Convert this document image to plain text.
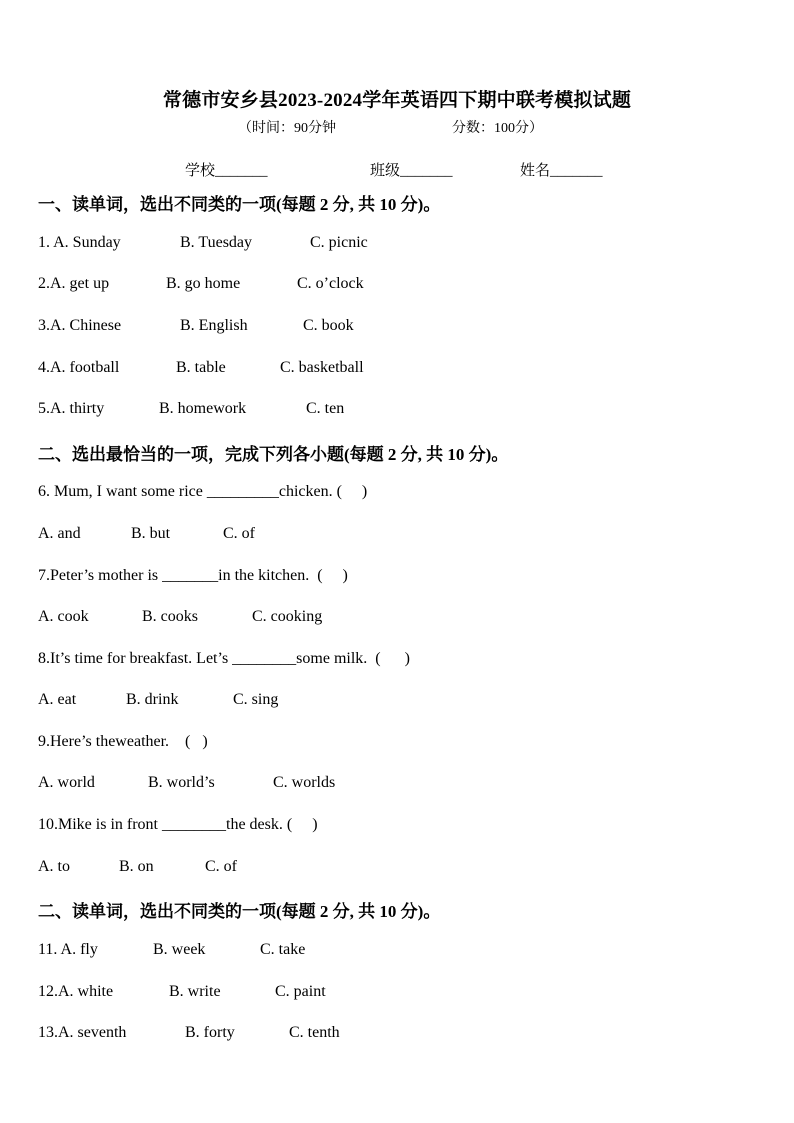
常德市安乡县2023-2024学年英语四下期中联考模拟试题
（时间：90分钟	分数：100分）
学校_______	班级_______	姓名_______
一、读单词，选出不同类的一项(每题 2 分, 共 10 分)。

1. A. Sunday

	B. Tuesday

	C. picnic

2.A. get up

	B. go home

	C. o’clock

3.A. Chinese

	B. English

	C. book

4.A. football

	B. table

	C. basketball

5.A. thirty

	B. homework

	C. ten

二、选出最恰当的一项，完成下列各小题(每题 2 分, 共 10 分)。
6. Mum, I want some rice _________chicken. (     )

A. and

	B. but

	C. of

7.Peter’s mother is _______in the kitchen.  (     )

A. cook

	B. cooks

	C. cooking

8.It’s time for breakfast. Let’s ________some milk.  (      )

A. eat

	B. drink

	C. sing

9.Here’s theweather.    (   )

A. world

	B. world’s

	C. worlds

10.Mike is in front ________the desk. (     )

A. to

	B. on

	C. of

二、读单词，选出不同类的一项(每题 2 分, 共 10 分)。

11. A. fly

	B. week

	C. take

12.A. white

	B. write

	C. paint

13.A. seventh

	B. forty

	C. tenth
